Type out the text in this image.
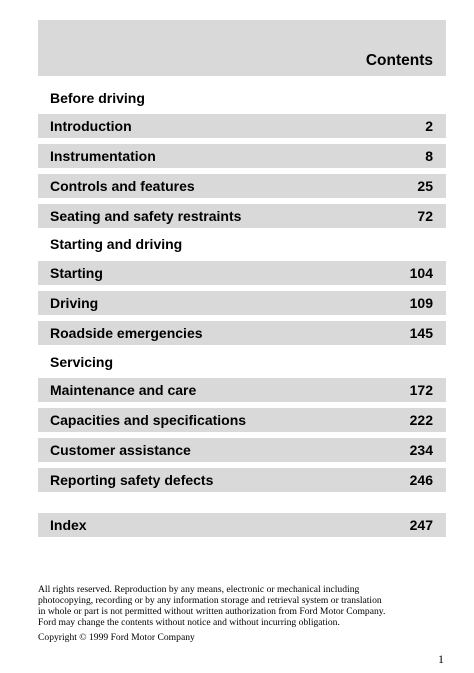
Contents
Before driving
Introduction	2
Instrumentation	8
Controls and features	25
Seating and safety restraints	72
Starting and driving
Starting	104
Driving	109
Roadside emergencies	145
Servicing
Maintenance and care	172
Capacities and specifications	222
Customer assistance	234
Reporting safety defects	246
Index	247

All rights reserved. Reproduction by any means, electronic or mechanical including

photocopying, recording or by any information storage and retrieval system or translation

in whole or part is not permitted without written authorization from Ford Motor Company.

Ford may change the contents without notice and without incurring obligation.

Copyright © 1999 Ford Motor Company

1
